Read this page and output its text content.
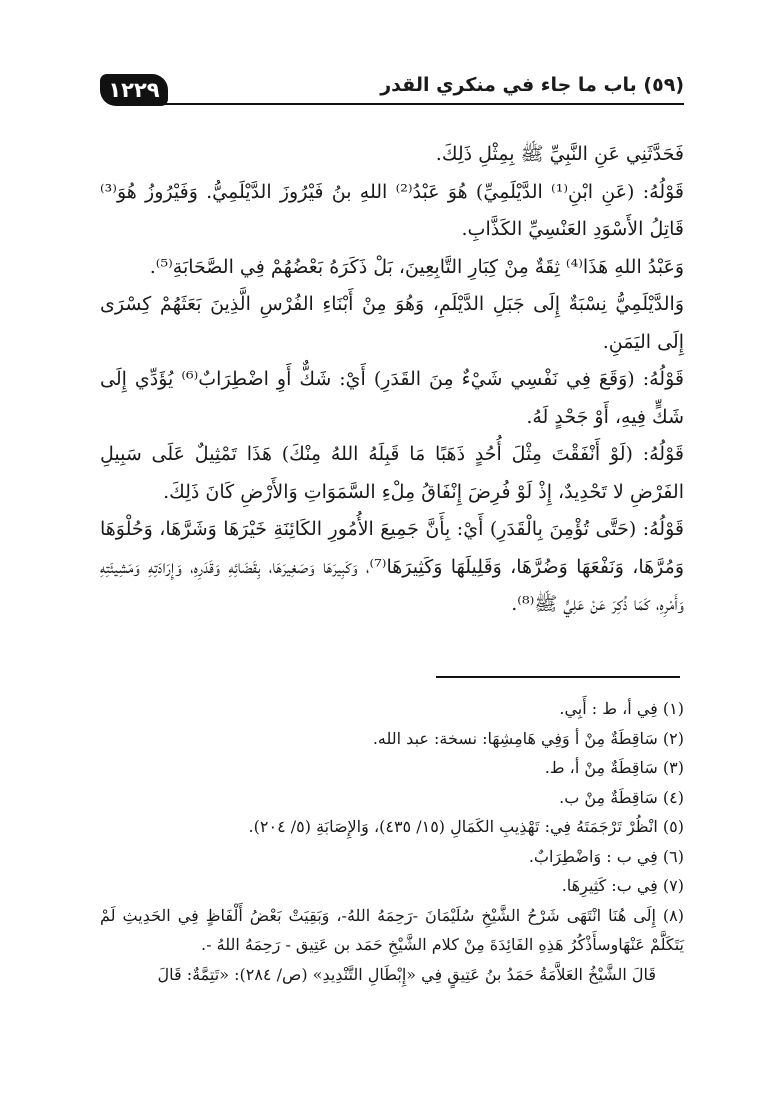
١٢٢٩	(٥٩) باب ما جاء في منكري القدر

فَحَدَّثَنِي عَنِ النَّبِيِّ ﷺ بِمِثْلِ ذَلِكَ.

قَوْلُهُ: (عَنِ ابْنِ⁽¹⁾ الدَّيْلَمِيِّ) هُوَ عَبْدُ⁽²⁾ اللهِ بنُ فَيْرُوزَ الدَّيْلَمِيُّ. وَفَيْرُوزُ هُوَ⁽³⁾ قَاتِلُ الأَسْوَدِ العَنْسِيِّ الكَذَّابِ.

وَعَبْدُ اللهِ هَذَا⁽⁴⁾ ثِقَةٌ مِنْ كِبَارِ التَّابِعِينَ، بَلْ ذَكَرَهُ بَعْضُهُمْ فِي الصَّحَابَةِ⁽⁵⁾.

وَالدَّيْلَمِيُّ نِسْبَةٌ إِلَى جَبَلِ الدَّيْلَمِ، وَهُوَ مِنْ أَبْنَاءِ الفُرْسِ الَّذِينَ بَعَثَهُمْ كِسْرَى إِلَى اليَمَنِ.

قَوْلُهُ: (وَقَعَ فِي نَفْسِي شَيْءٌ مِنَ القَدَرِ) أَيْ: شَكٌّ أَوِ اضْطِرَابٌ⁽⁶⁾ يُؤَدِّي إِلَى شَكٍّ فِيهِ، أَوْ جَحْدٍ لَهُ.

قَوْلُهُ: (لَوْ أَنْفَقْتَ مِثْلَ أُحُدٍ ذَهَبًا مَا قَبِلَهُ اللهُ مِنْكَ) هَذَا تَمْثِيلٌ عَلَى سَبِيلِ الفَرْضِ لا تَحْدِيدٌ، إِذْ لَوْ فُرِضَ إِنْفَاقُ مِلْءِ السَّمَوَاتِ وَالأَرْضِ كَانَ ذَلِكَ.

قَوْلُهُ: (حَتَّى تُؤْمِنَ بِالْقَدَرِ) أَيْ: بِأَنَّ جَمِيعَ الأُمُورِ الكَائِنَةِ خَيْرَهَا وَشَرَّهَا، وَحُلْوَهَا وَمُرَّهَا، وَنَفْعَهَا وَضُرَّهَا، وَقَلِيلَهَا وَكَثِيرَهَا⁽⁷⁾، وَكَبِيرَهَا وَصَغِيرَهَا، بِقَضَائِهِ وَقَدَرِهِ، وَإِرَادَتِهِ وَمَشِيئَتِهِ وَأَمْرِهِ، كَمَا ذُكِرَ عَنْ عَلِيٍّ ﷺ⁽⁸⁾.

(١) فِي أ، ط : أَبِي.

(٢) سَاقِطَةٌ مِنْ أ وَفِي هَامِشِهَا: نسخة: عبد الله.

(٣) سَاقِطَةٌ مِنْ أ، ط.

(٤) سَاقِطَةٌ مِنْ ب.

(٥) انْظُرْ تَرْجَمَتَهُ فِي: تَهْذِيبِ الكَمَالِ (١٥/ ٤٣٥)، وَالإِصَابَةِ (٥/ ٢٠٤).

(٦) فِي ب : وَاضْطِرَابٌ.

(٧) فِي ب: كَثِيرِهَا.

(٨) إِلَى هُنَا انْتَهَى شَرْحُ الشَّيْخِ سُلَيْمَانَ -رَحِمَهُ اللهُ-، وَبَقِيَتْ بَعْضُ أَلْفَاظٍ فِي الحَدِيثِ لَمْ يَتَكَلَّمْ عَنْهَاوسأَذْكُرُ هَذِهِ الفَائِدَةَ مِنْ كلام الشَّيْخِ حَمَد بن عَتِيق - رَحِمَهُ اللهُ -.

قَالَ الشَّيْخُ العَلاَّمَةُ حَمَدُ بنُ عَتِيقٍ فِي «إِبْطَالِ التَّنْدِيدِ» (ص/ ٢٨٤): «تَتِمَّةٌ: قَالَ
